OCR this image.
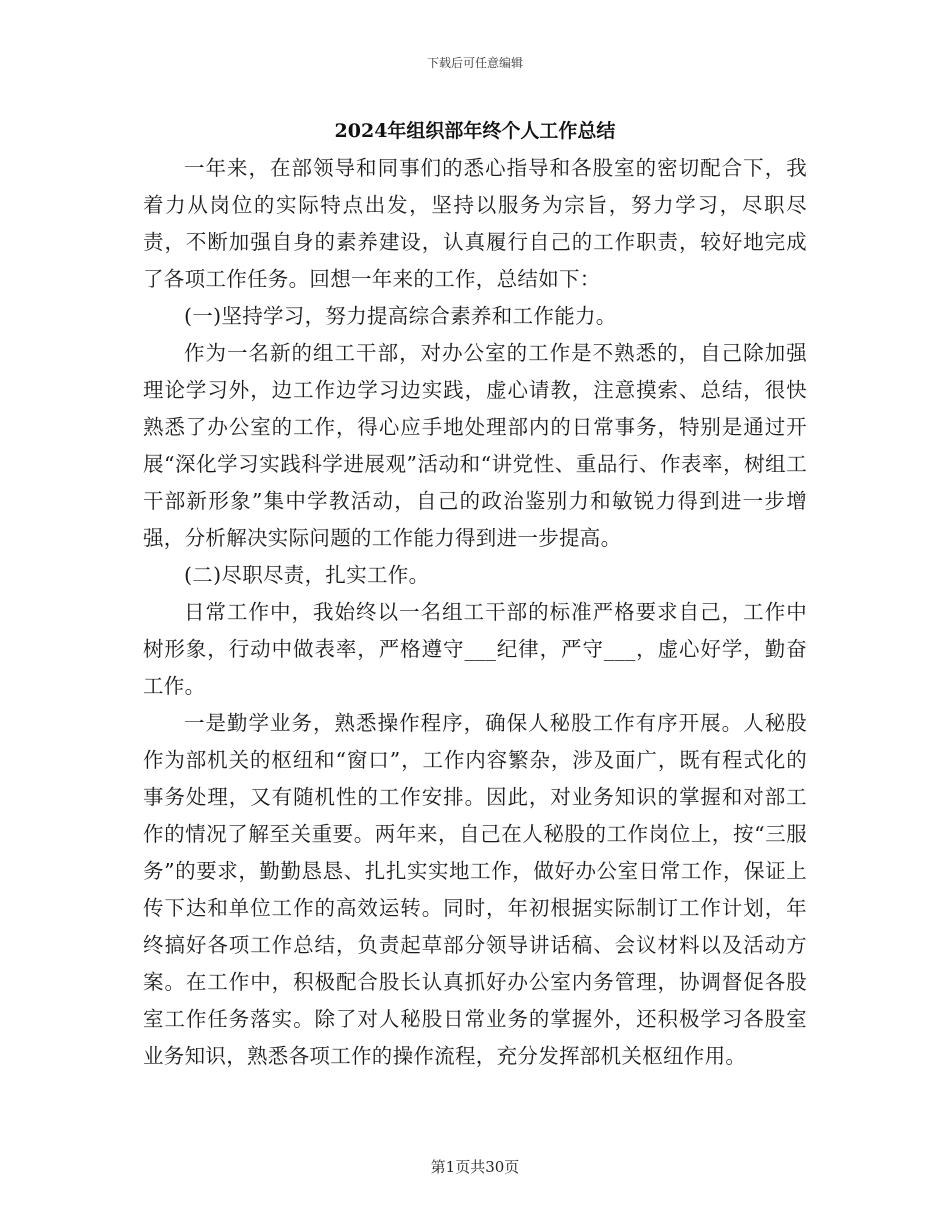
下载后可任意编辑
2024年组织部年终个人工作总结

一年来，在部领导和同事们的悉心指导和各股室的密切配合下，我着力从岗位的实际特点出发，坚持以服务为宗旨，努力学习，尽职尽责，不断加强自身的素养建设，认真履行自己的工作职责，较好地完成了各项工作任务。回想一年来的工作，总结如下：

(一)坚持学习，努力提高综合素养和工作能力。

作为一名新的组工干部，对办公室的工作是不熟悉的，自己除加强理论学习外，边工作边学习边实践，虚心请教，注意摸索、总结，很快熟悉了办公室的工作，得心应手地处理部内的日常事务，特别是通过开展“深化学习实践科学进展观”活动和“讲党性、重品行、作表率，树组工干部新形象”集中学教活动，自己的政治鉴别力和敏锐力得到进一步增强，分析解决实际问题的工作能力得到进一步提高。

(二)尽职尽责，扎实工作。

日常工作中，我始终以一名组工干部的标准严格要求自己，工作中树形象，行动中做表率，严格遵守___纪律，严守___，虚心好学，勤奋工作。

一是勤学业务，熟悉操作程序，确保人秘股工作有序开展。人秘股作为部机关的枢纽和“窗口”，工作内容繁杂，涉及面广，既有程式化的事务处理，又有随机性的工作安排。因此，对业务知识的掌握和对部工作的情况了解至关重要。两年来，自己在人秘股的工作岗位上，按“三服务”的要求，勤勤恳恳、扎扎实实地工作，做好办公室日常工作，保证上传下达和单位工作的高效运转。同时，年初根据实际制订工作计划，年终搞好各项工作总结，负责起草部分领导讲话稿、会议材料以及活动方案。在工作中，积极配合股长认真抓好办公室内务管理，协调督促各股室工作任务落实。除了对人秘股日常业务的掌握外，还积极学习各股室业务知识，熟悉各项工作的操作流程，充分发挥部机关枢纽作用。

第1页共30页
